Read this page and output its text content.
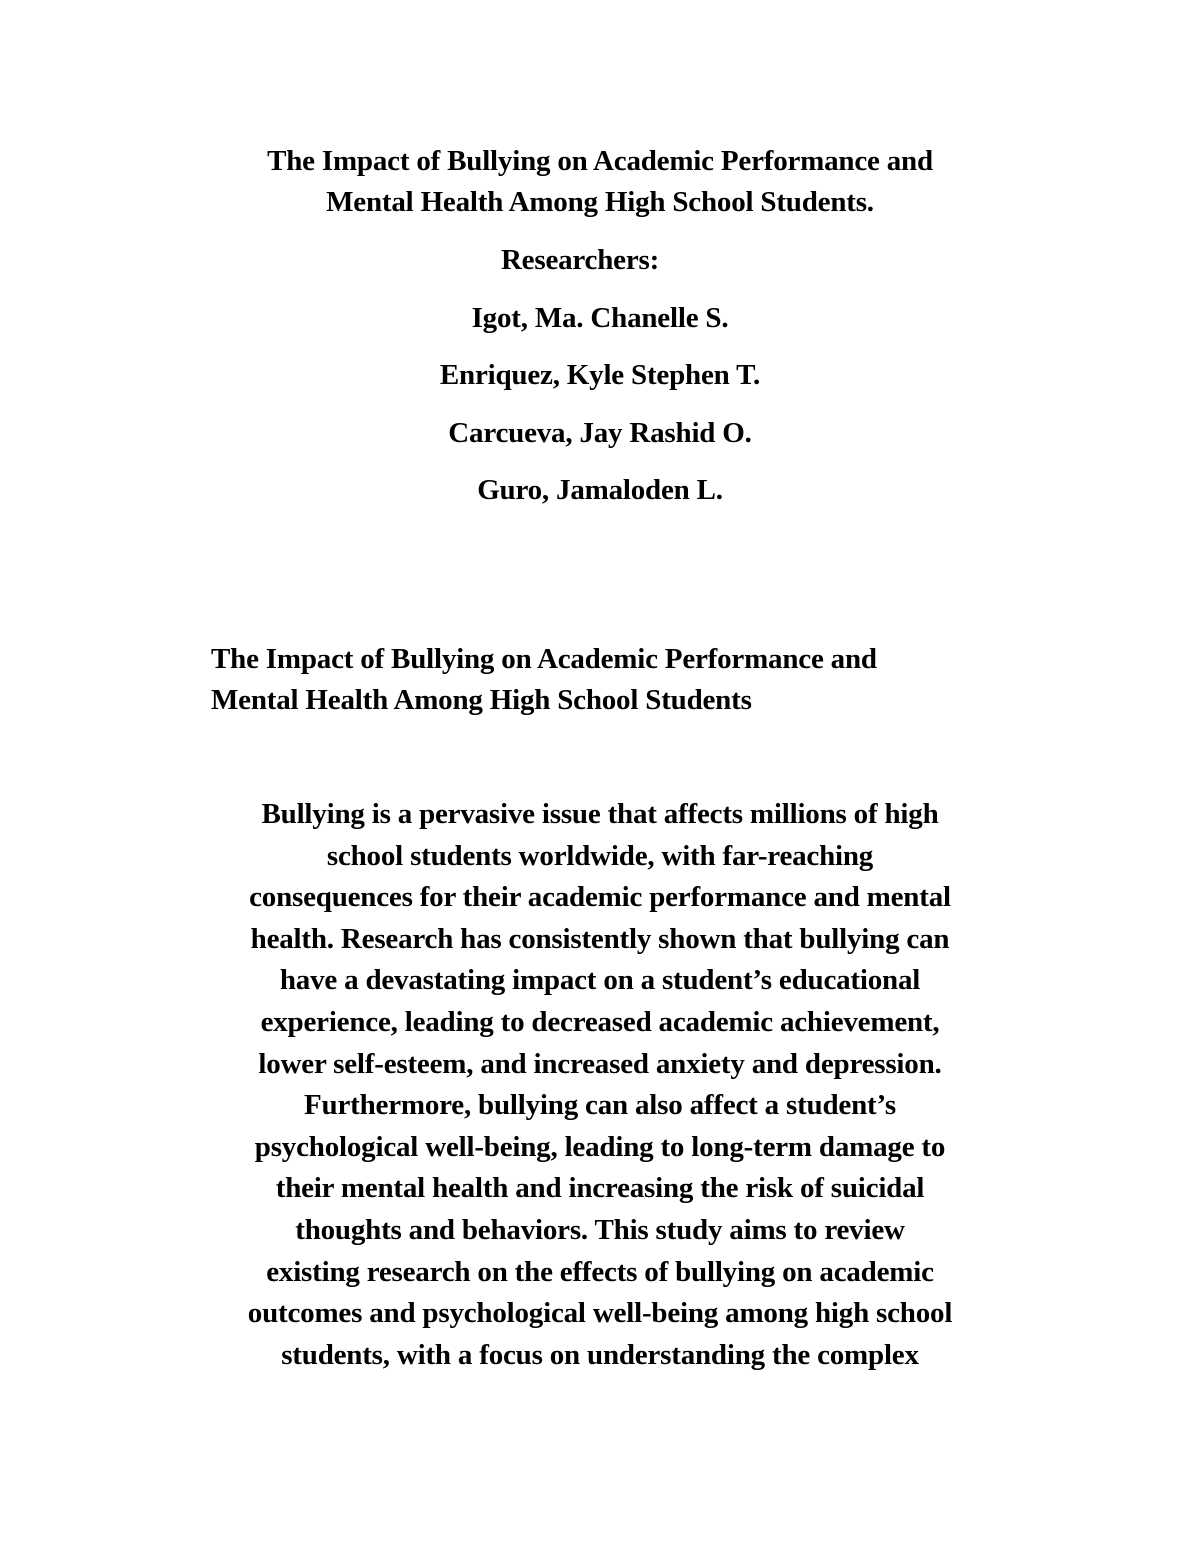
The Impact of Bullying on Academic Performance and
Mental Health Among High School Students.
Researchers:
Igot, Ma. Chanelle S.
Enriquez, Kyle Stephen T.
Carcueva, Jay Rashid O.
Guro, Jamaloden L.
The Impact of Bullying on Academic Performance and
Mental Health Among High School Students
Bullying is a pervasive issue that affects millions of high
school students worldwide, with far-reaching
consequences for their academic performance and mental
health. Research has consistently shown that bullying can
have a devastating impact on a student’s educational
experience, leading to decreased academic achievement,
lower self-esteem, and increased anxiety and depression.
Furthermore, bullying can also affect a student’s
psychological well-being, leading to long-term damage to
their mental health and increasing the risk of suicidal
thoughts and behaviors. This study aims to review
existing research on the effects of bullying on academic
outcomes and psychological well-being among high school
students, with a focus on understanding the complex
